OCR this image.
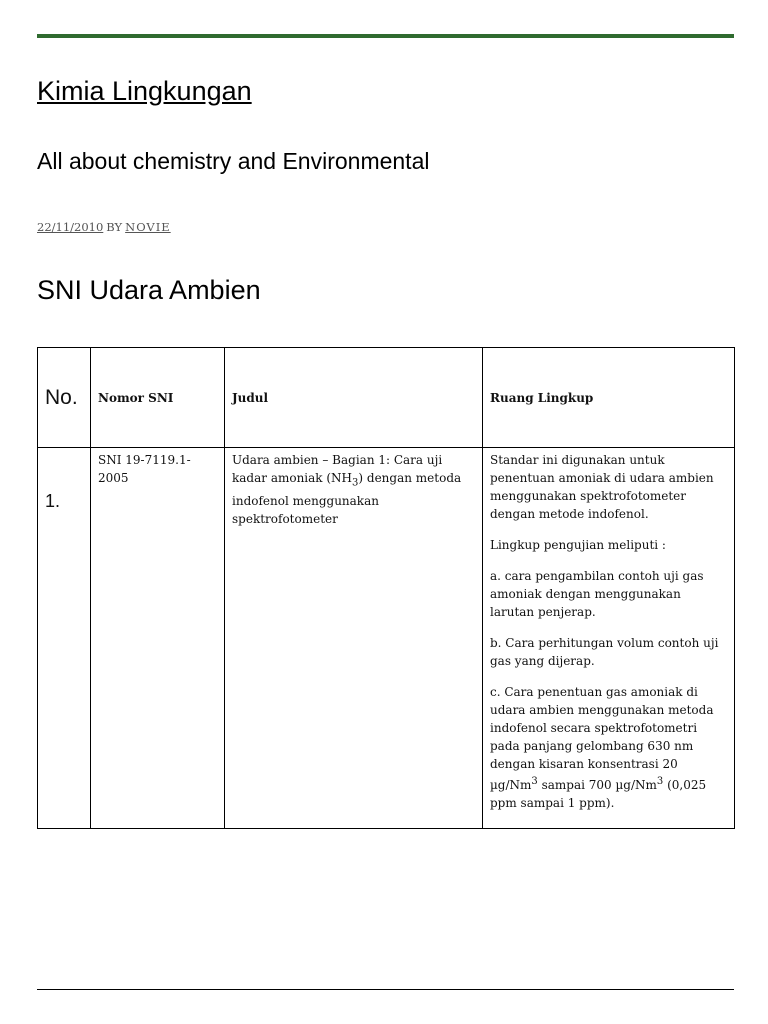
Kimia Lingkungan
All about chemistry and Environmental
22/11/2010 BY NOVIE
SNI Udara Ambien
No.	Nomor SNI	Judul	Ruang Lingkup

1.	SNI 19-7119.1-2005	Udara ambien – Bagian 1: Cara uji kadar amoniak $(NH_3)$ dengan metoda indofenol menggunakan spektrofotometer	Standar ini digunakan untuk penentuan amoniak di udara ambien menggunakan spektrofotometer dengan metode indofenol.

Lingkup pengujian meliputi :

a. cara pengambilan contoh uji gas amoniak dengan menggunakan larutan penjerap.

b. Cara perhitungan volum contoh uji gas yang dijerap.

c. Cara penentuan gas amoniak di udara ambien menggunakan metoda indofenol secara spektrofotometri pada panjang gelombang 630 nm dengan kisaran konsentrasi 20 µg/Nm$^3$ sampai 700 µg/Nm$^3$ (0,025 ppm sampai 1 ppm).
